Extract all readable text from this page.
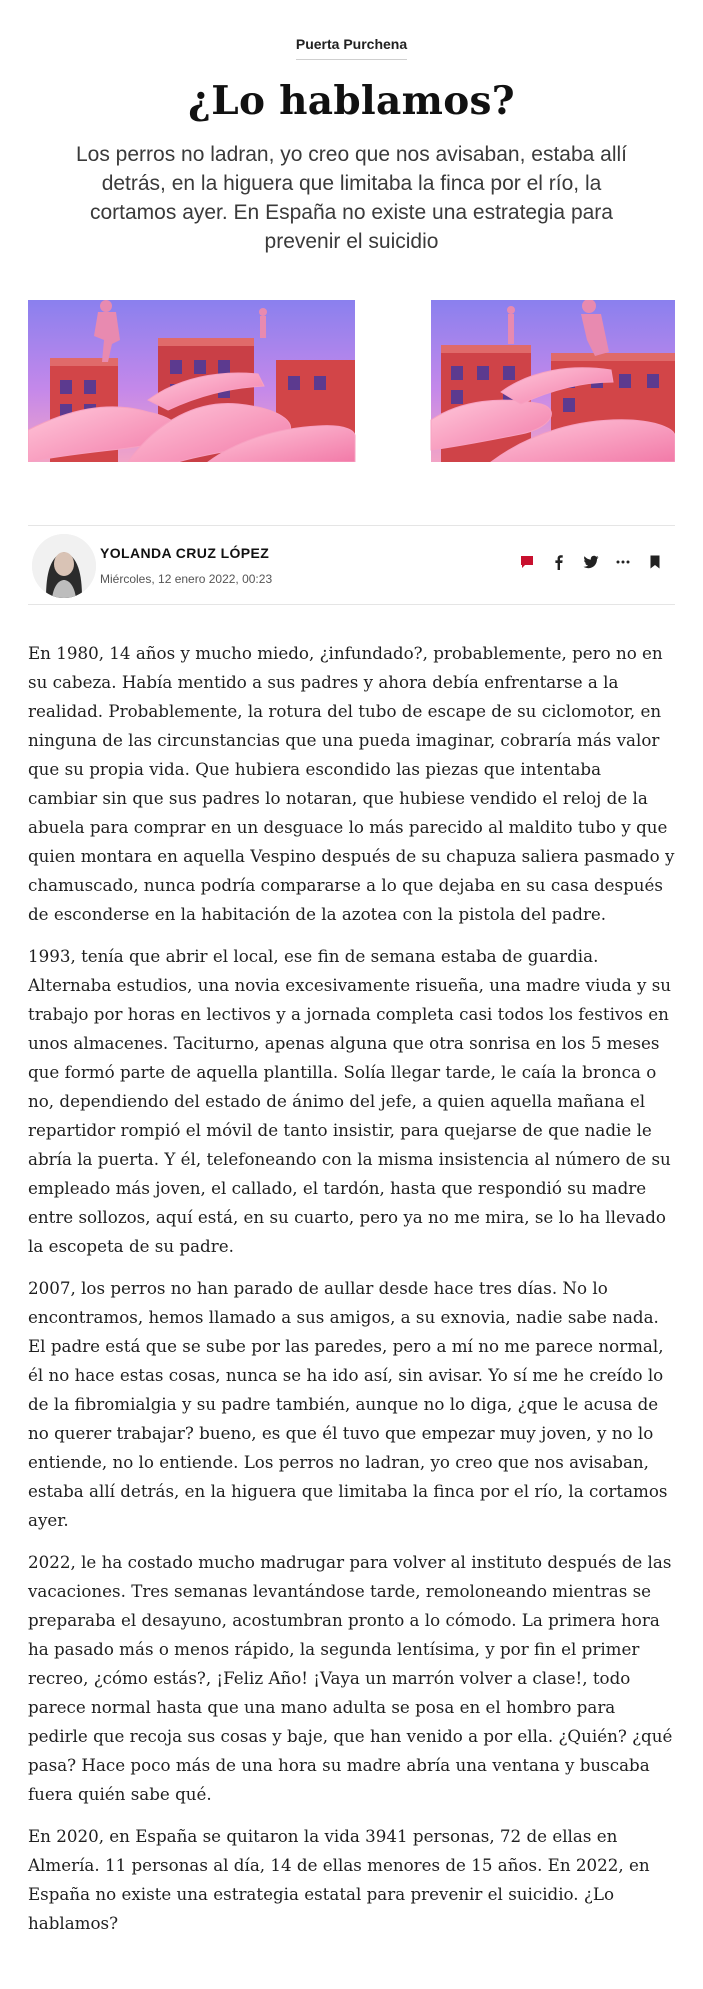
Puerta Purchena
¿Lo hablamos?

Los perros no ladran, yo creo que nos avisaban, estaba allí detrás, en la higuera que limitaba la finca por el río, la cortamos ayer. En España no existe una estrategia para prevenir el suicidio

YOLANDA CRUZ LÓPEZ
Miércoles, 12 enero 2022, 00:23

En 1980, 14 años y mucho miedo, ¿infundado?, probablemente, pero no en su cabeza. Había mentido a sus padres y ahora debía enfrentarse a la realidad. Probablemente, la rotura del tubo de escape de su ciclomotor, en ninguna de las circunstancias que una pueda imaginar, cobraría más valor que su propia vida. Que hubiera escondido las piezas que intentaba cambiar sin que sus padres lo notaran, que hubiese vendido el reloj de la abuela para comprar en un desguace lo más parecido al maldito tubo y que quien montara en aquella Vespino después de su chapuza saliera pasmado y chamuscado, nunca podría compararse a lo que dejaba en su casa después de esconderse en la habitación de la azotea con la pistola del padre.

1993, tenía que abrir el local, ese fin de semana estaba de guardia. Alternaba estudios, una novia excesivamente risueña, una madre viuda y su trabajo por horas en lectivos y a jornada completa casi todos los festivos en unos almacenes. Taciturno, apenas alguna que otra sonrisa en los 5 meses que formó parte de aquella plantilla. Solía llegar tarde, le caía la bronca o no, dependiendo del estado de ánimo del jefe, a quien aquella mañana el repartidor rompió el móvil de tanto insistir, para quejarse de que nadie le abría la puerta. Y él, telefoneando con la misma insistencia al número de su empleado más joven, el callado, el tardón, hasta que respondió su madre entre sollozos, aquí está, en su cuarto, pero ya no me mira, se lo ha llevado la escopeta de su padre.

2007, los perros no han parado de aullar desde hace tres días. No lo encontramos, hemos llamado a sus amigos, a su exnovia, nadie sabe nada. El padre está que se sube por las paredes, pero a mí no me parece normal, él no hace estas cosas, nunca se ha ido así, sin avisar. Yo sí me he creído lo de la fibromialgia y su padre también, aunque no lo diga, ¿que le acusa de no querer trabajar? bueno, es que él tuvo que empezar muy joven, y no lo entiende, no lo entiende. Los perros no ladran, yo creo que nos avisaban, estaba allí detrás, en la higuera que limitaba la finca por el río, la cortamos ayer.

2022, le ha costado mucho madrugar para volver al instituto después de las vacaciones. Tres semanas levantándose tarde, remoloneando mientras se preparaba el desayuno, acostumbran pronto a lo cómodo. La primera hora ha pasado más o menos rápido, la segunda lentísima, y por fin el primer recreo, ¿cómo estás?, ¡Feliz Año! ¡Vaya un marrón volver a clase!, todo parece normal hasta que una mano adulta se posa en el hombro para pedirle que recoja sus cosas y baje, que han venido a por ella. ¿Quién? ¿qué pasa? Hace poco más de una hora su madre abría una ventana y buscaba fuera quién sabe qué.

En 2020, en España se quitaron la vida 3941 personas, 72 de ellas en Almería. 11 personas al día, 14 de ellas menores de 15 años. En 2022, en España no existe una estrategia estatal para prevenir el suicidio. ¿Lo hablamos?
